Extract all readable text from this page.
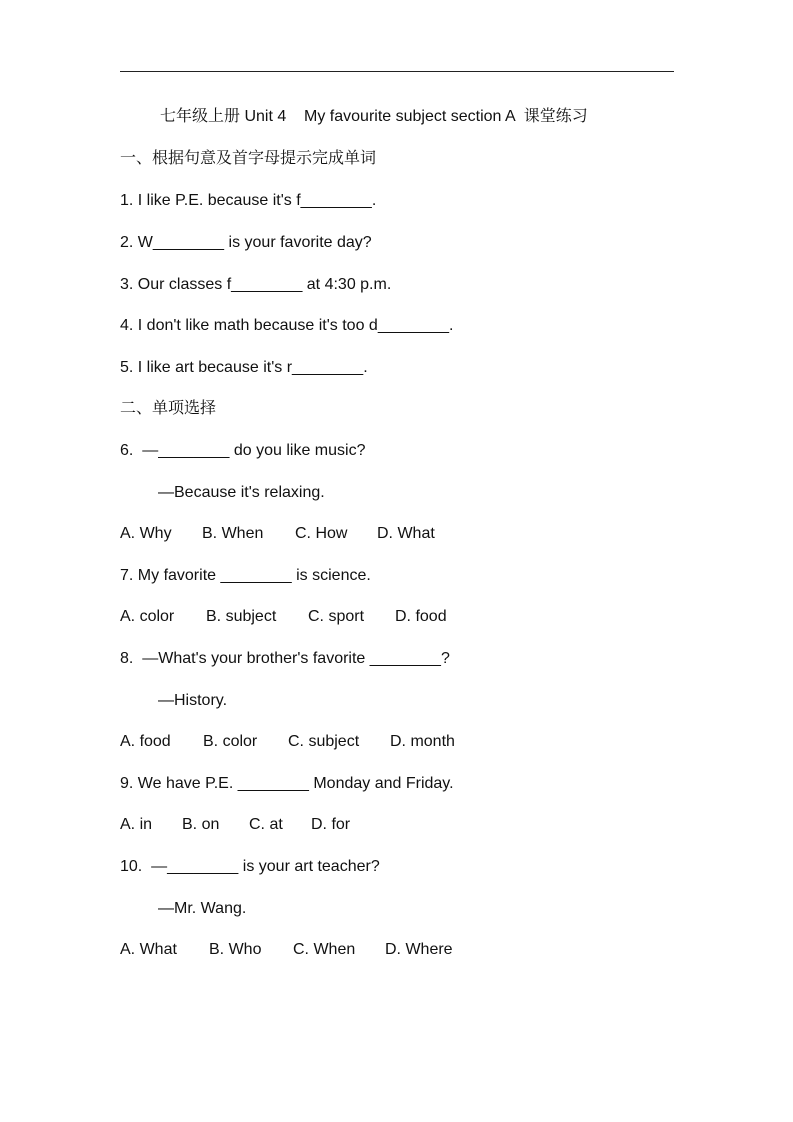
七年级上册 Unit 4    My favourite subject section A  课堂练习
一、根据句意及首字母提示完成单词
1. I like P.E. because it's f________.
2. W________ is your favorite day?
3. Our classes f________ at 4:30 p.m.
4. I don't like math because it's too d________.
5. I like art because it's r________.
二、单项选择
6.  —________ do you like music?
—Because it's relaxing.

A. Why

B. When

C. How

D. What

7. My favorite ________ is science.

A. color

B. subject

C. sport

D. food

8.  —What's your brother's favorite ________?
—History.

A. food

B. color

C. subject

D. month

9. We have P.E. ________ Monday and Friday.

A. in

B. on

C. at

D. for

10.  —________ is your art teacher?
—Mr. Wang.

A. What

B. Who

C. When

D. Where
